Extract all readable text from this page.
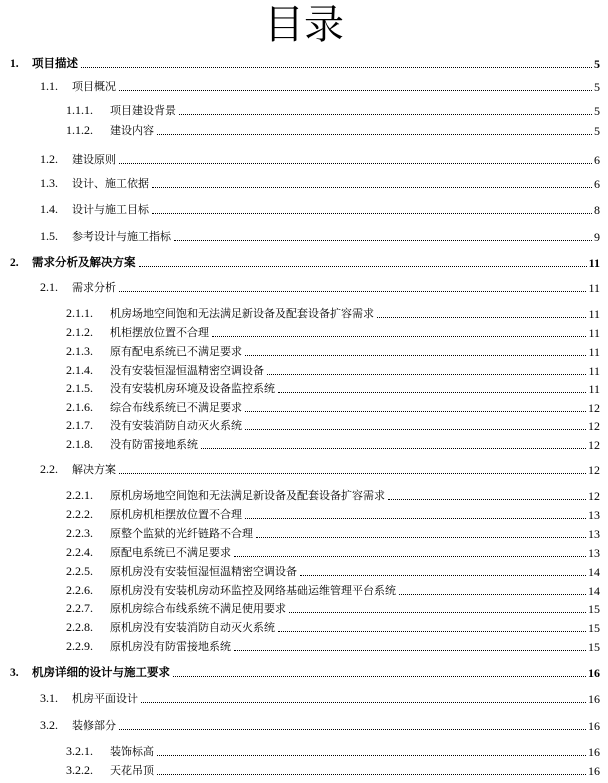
目录
1. 项目描述	5
1.1. 项目概况	5
1.1.1. 项目建设背景	5
1.1.2. 建设内容	5
1.2. 建设原则	6
1.3. 设计、施工依据	6
1.4. 设计与施工目标	8
1.5. 参考设计与施工指标	9
2. 需求分析及解决方案	11
2.1. 需求分析	11
2.1.1. 机房场地空间饱和无法满足新设备及配套设备扩容需求	11
2.1.2. 机柜摆放位置不合理	11
2.1.3. 原有配电系统已不满足要求	11
2.1.4. 没有安装恒湿恒温精密空调设备	11
2.1.5. 没有安装机房环境及设备监控系统	11
2.1.6. 综合布线系统已不满足要求	12
2.1.7. 没有安装消防自动灭火系统	12
2.1.8. 没有防雷接地系统	12
2.2. 解决方案	12
2.2.1. 原机房场地空间饱和无法满足新设备及配套设备扩容需求	12
2.2.2. 原机房机柜摆放位置不合理	13
2.2.3. 原整个监狱的光纤链路不合理	13
2.2.4. 原配电系统已不满足要求	13
2.2.5. 原机房没有安装恒湿恒温精密空调设备	14
2.2.6. 原机房没有安装机房动环监控及网络基础运维管理平台系统	14
2.2.7. 原机房综合布线系统不满足使用要求	15
2.2.8. 原机房没有安装消防自动灭火系统	15
2.2.9. 原机房没有防雷接地系统	15
3. 机房详细的设计与施工要求	16
3.1. 机房平面设计	16
3.2. 装修部分	16
3.2.1. 装饰标高	16
3.2.2. 天花吊顶	16
